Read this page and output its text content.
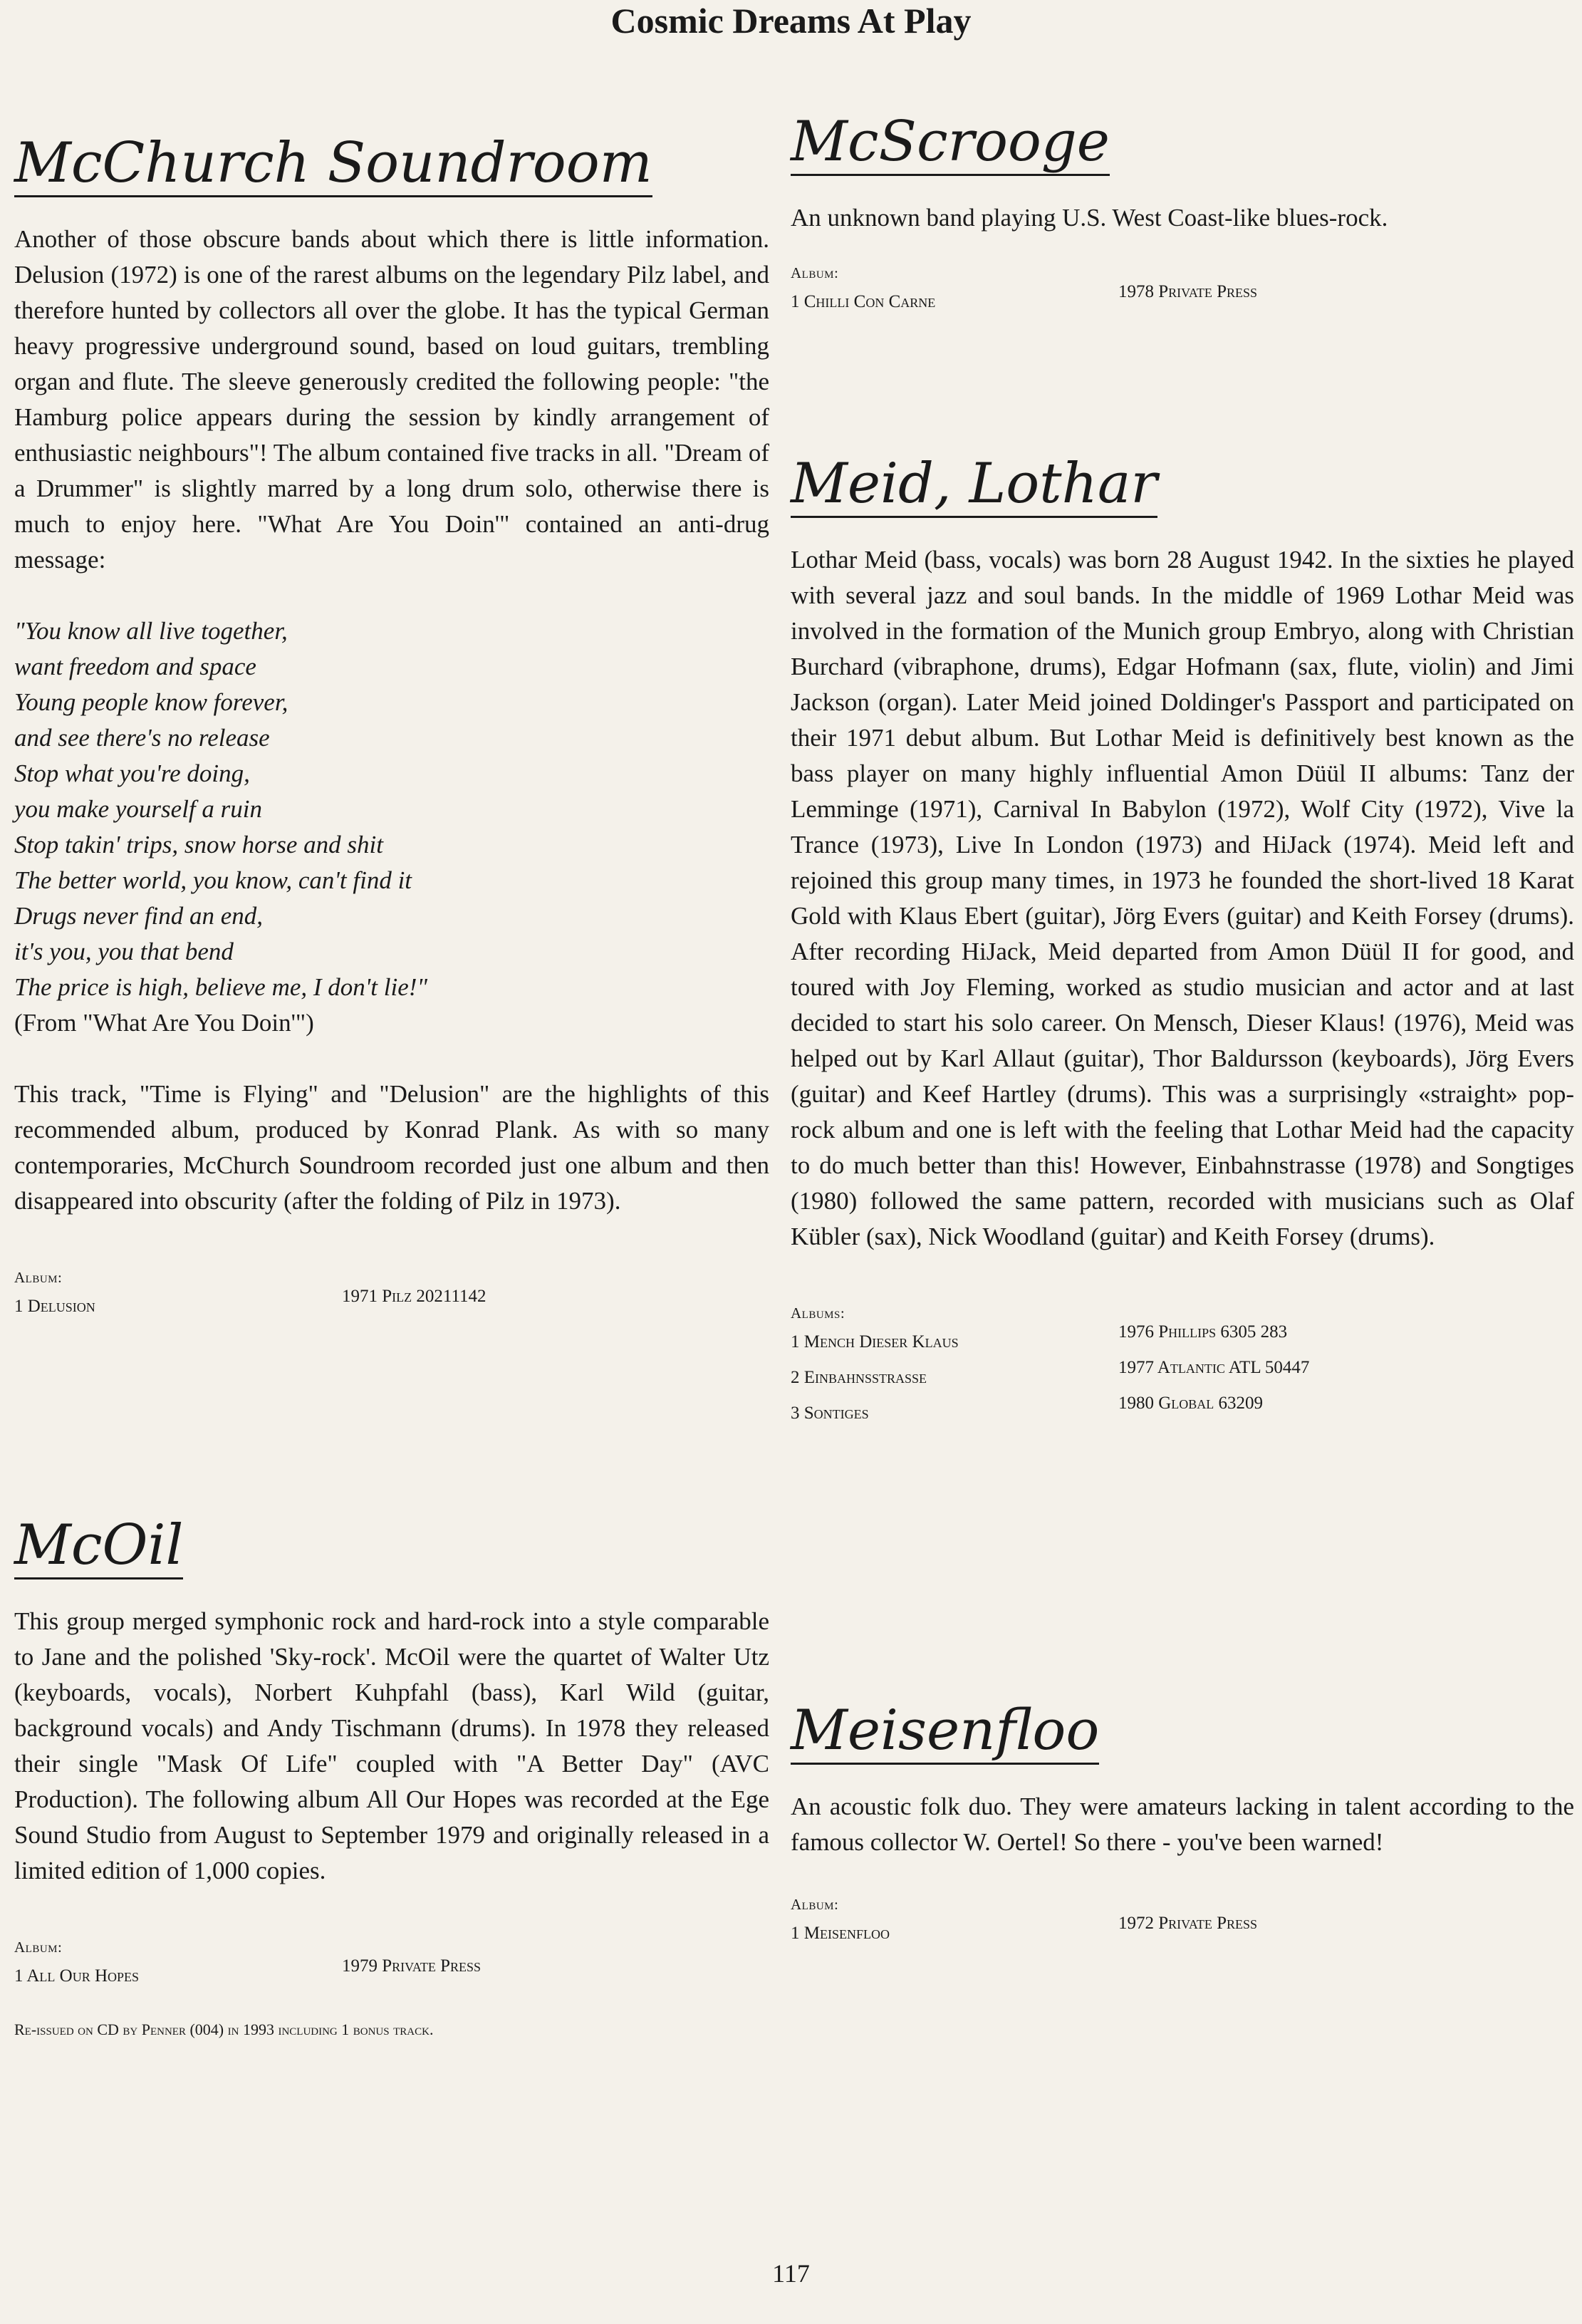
Cosmic Dreams At Play
McChurch Soundroom

Another of those obscure bands about which there is little information. Delusion (1972) is one of the rarest albums on the legendary Pilz label, and therefore hunted by collectors all over the globe. It has the typical German heavy progressive underground sound, based on loud guitars, trembling organ and flute. The sleeve generously credited the following people: "the Hamburg police appears during the session by kindly arrangement of enthusiastic neighbours"! The album contained five tracks in all. "Dream of a Drummer" is slightly marred by a long drum solo, otherwise there is much to enjoy here. "What Are You Doin'" contained an anti-drug message:

"You know all live together,
want freedom and space
Young people know forever,
and see there's no release
Stop what you're doing,
you make yourself a ruin
Stop takin' trips, snow horse and shit
The better world, you know, can't find it
Drugs never find an end,
it's you, you that bend
The price is high, believe me, I don't lie!"
(From "What Are You Doin'")

This track, "Time is Flying" and "Delusion" are the highlights of this recommended album, produced by Konrad Plank. As with so many contemporaries, McChurch Soundroom recorded just one album and then disappeared into obscurity (after the folding of Pilz in 1973).

Album:
1 Delusion
1971 Pilz 20211142
McOil

This group merged symphonic rock and hard-rock into a style comparable to Jane and the polished 'Sky-rock'. McOil were the quartet of Walter Utz (keyboards, vocals), Norbert Kuhpfahl (bass), Karl Wild (guitar, background vocals) and Andy Tischmann (drums). In 1978 they released their single "Mask Of Life" coupled with "A Better Day" (AVC Production). The following album All Our Hopes was recorded at the Ege Sound Studio from August to September 1979 and originally released in a limited edition of 1,000 copies.

Album:
1 All Our Hopes
1979 Private Press
Re-issued on CD by Penner (004) in 1993 including 1 bonus track.
McScrooge

An unknown band playing U.S. West Coast-like blues-rock.

Album:
1 Chilli Con Carne
1978 Private Press
Meid, Lothar

Lothar Meid (bass, vocals) was born 28 August 1942. In the sixties he played with several jazz and soul bands. In the middle of 1969 Lothar Meid was involved in the formation of the Munich group Embryo, along with Christian Burchard (vibraphone, drums), Edgar Hofmann (sax, flute, violin) and Jimi Jackson (organ). Later Meid joined Doldinger's Passport and participated on their 1971 debut album. But Lothar Meid is definitively best known as the bass player on many highly influential Amon Düül II albums: Tanz der Lemminge (1971), Carnival In Babylon (1972), Wolf City (1972), Vive la Trance (1973), Live In London (1973) and HiJack (1974). Meid left and rejoined this group many times, in 1973 he founded the short-lived 18 Karat Gold with Klaus Ebert (guitar), Jörg Evers (guitar) and Keith Forsey (drums). After recording HiJack, Meid departed from Amon Düül II for good, and toured with Joy Fleming, worked as studio musician and actor and at last decided to start his solo career. On Mensch, Dieser Klaus! (1976), Meid was helped out by Karl Allaut (guitar), Thor Baldursson (keyboards), Jörg Evers (guitar) and Keef Hartley (drums). This was a surprisingly «straight» pop-rock album and one is left with the feeling that Lothar Meid had the capacity to do much better than this! However, Einbahnstrasse (1978) and Songtiges (1980) followed the same pattern, recorded with musicians such as Olaf Kübler (sax), Nick Woodland (guitar) and Keith Forsey (drums).

Albums:
1 Mench Dieser Klaus
1976 Phillips 6305 283
2 Einbahnsstrasse
1977 Atlantic ATL 50447
3 Sontiges
1980 Global 63209
Meisenfloo

An acoustic folk duo. They were amateurs lacking in talent according to the famous collector W. Oertel! So there - you've been warned!

Album:
1 Meisenfloo
1972 Private Press
117
